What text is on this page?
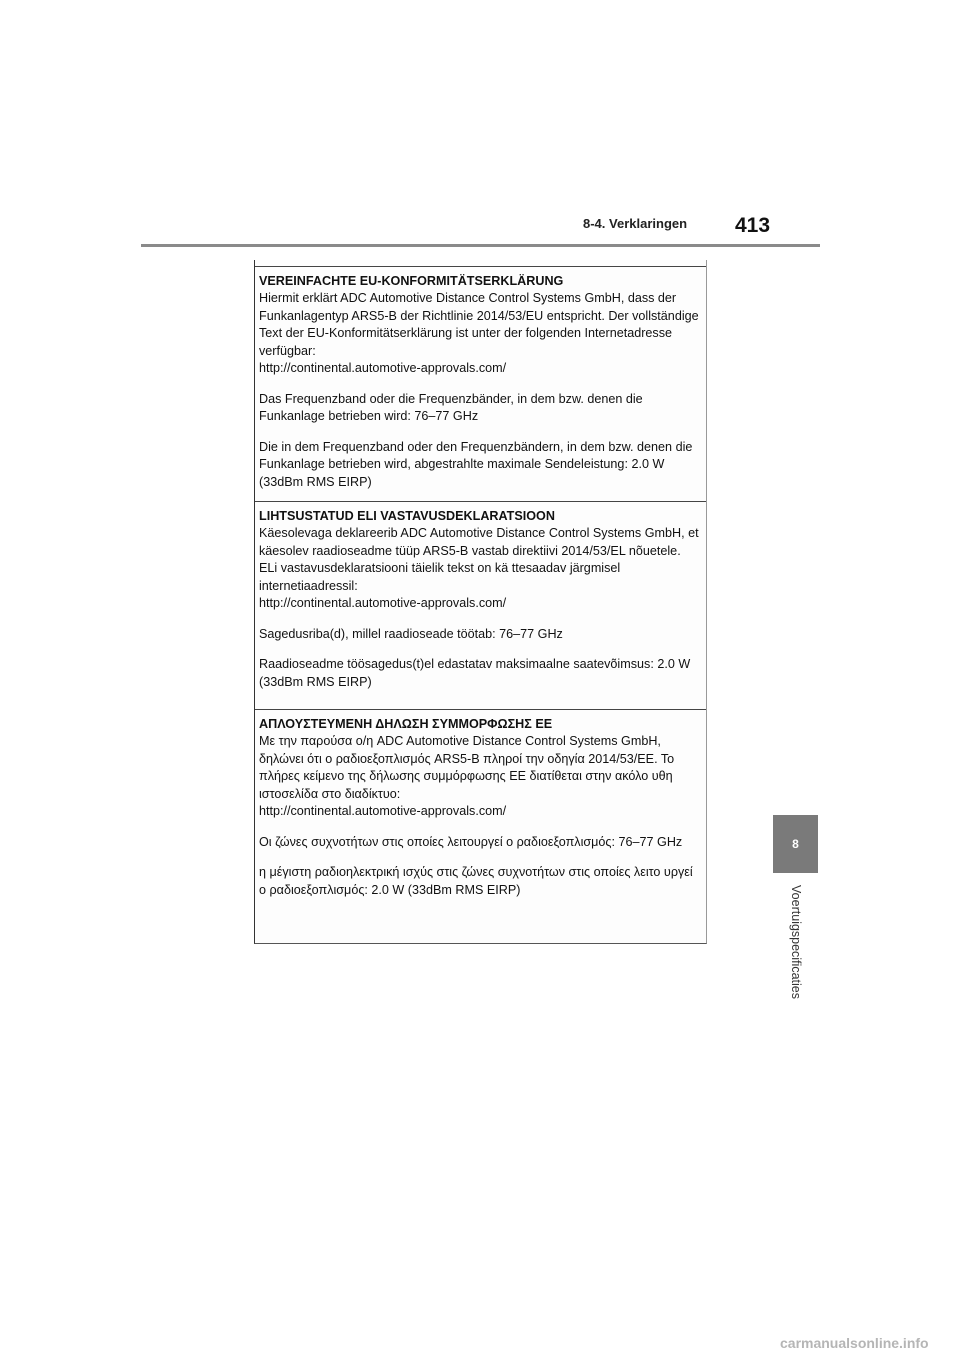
8-4. Verklaringen 413
8
Voertuigspecificaties

VEREINFACHTE EU-KONFORMITÄTSERKLÄRUNG

Hiermit erklärt ADC Automotive Distance Control Systems GmbH, dass der Funkanlagentyp ARS5-B der Richtlinie 2014/53/EU entspricht. Der vollständige Text der EU-Konformitätserklärung ist unter der folgenden Internetadresse verfügbar:

http://continental.automotive-approvals.com/

Das Frequenzband oder die Frequenzbänder, in dem bzw. denen die Funkanlage betrieben wird: 76–77 GHz

Die in dem Frequenzband oder den Frequenzbändern, in dem bzw. denen die Funkanlage betrieben wird, abgestrahlte maximale Sendeleistung: 2.0 W (33dBm RMS EIRP)

LIHTSUSTATUD ELI VASTAVUSDEKLARATSIOON

Käesolevaga deklareerib ADC Automotive Distance Control Systems GmbH, et käesolev raadioseadme tüüp ARS5-B vastab direktiivi 2014/53/EL nõuetele. ELi vastavusdeklaratsiooni täielik tekst on kä ttesaadav järgmisel internetiaadressil:

http://continental.automotive-approvals.com/

Sagedusriba(d), millel raadioseade töötab: 76–77 GHz

Raadioseadme töösagedus(t)el edastatav maksimaalne saatevõimsus: 2.0 W (33dBm RMS EIRP)

ΑΠΛΟΥΣΤΕΥΜΕΝΗ ΔΗΛΩΣΗ ΣΥΜΜΟΡΦΩΣΗΣ ΕΕ

Με την παρούσα ο/η ADC Automotive Distance Control Systems GmbH, δηλώνει ότι ο ραδιοεξοπλισμός ARS5-B πληροί την οδηγία 2014/53/ΕΕ. Το πλήρες κείμενο της δήλωσης συμμόρφωσης ΕΕ διατίθεται στην ακόλο υθη ιστοσελίδα στο διαδίκτυο:

http://continental.automotive-approvals.com/

Οι ζώνες συχνοτήτων στις οποίες λειτουργεί ο ραδιοεξοπλισμός: 76–77 GHz

η μέγιστη ραδιοηλεκτρική ισχύς στις ζώνες συχνοτήτων στις οποίες λειτο υργεί ο ραδιοεξοπλισμός: 2.0 W (33dBm RMS EIRP)

carmanualsonline.info
